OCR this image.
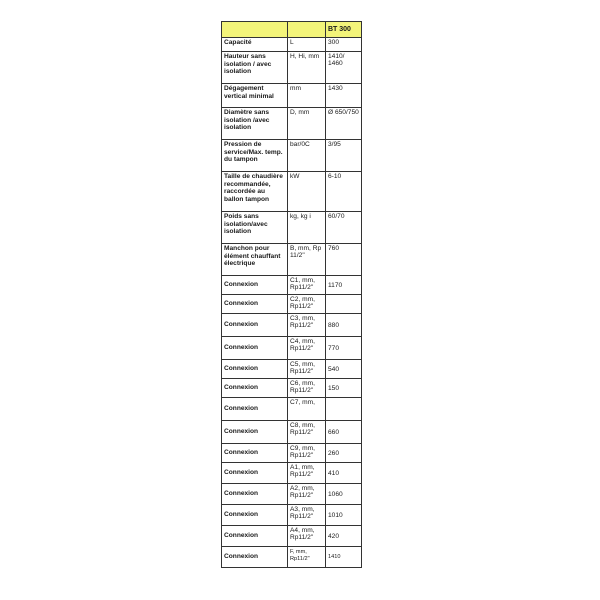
		BT 300
Capacité	L	300
Hauteur sans isolation / avec isolation	H, Hi, mm	1410/ 1460
Dégagement vertical minimal	mm	1430
Diamètre sans isolation /avec isolation	D, mm	Ø 650/750
Pression de service/Max. temp. du tampon	bar/0C	3/95
Taille de chaudière recommandée, raccordée au ballon tampon	kW	6-10
Poids sans isolation/avec isolation	kg, kg i	60/70
Manchon pour élément chauffant électrique	B, mm, Rp 11/2"	760
Connexion	C1, mm, Rp11/2"	1170
Connexion	C2, mm, Rp11/2"	
Connexion	C3, mm, Rp11/2"	880
Connexion	C4, mm, Rp11/2"	770
Connexion	C5, mm, Rp11/2"	540
Connexion	C6, mm, Rp11/2"	150
Connexion	C7, mm,	
Connexion	C8, mm, Rp11/2"	660
Connexion	C9, mm, Rp11/2"	260
Connexion	A1, mm, Rp11/2"	410
Connexion	A2, mm, Rp11/2"	1060
Connexion	A3, mm, Rp11/2"	1010
Connexion	A4, mm, Rp11/2"	420
Connexion	F, mm, Rp11/2"	1410
